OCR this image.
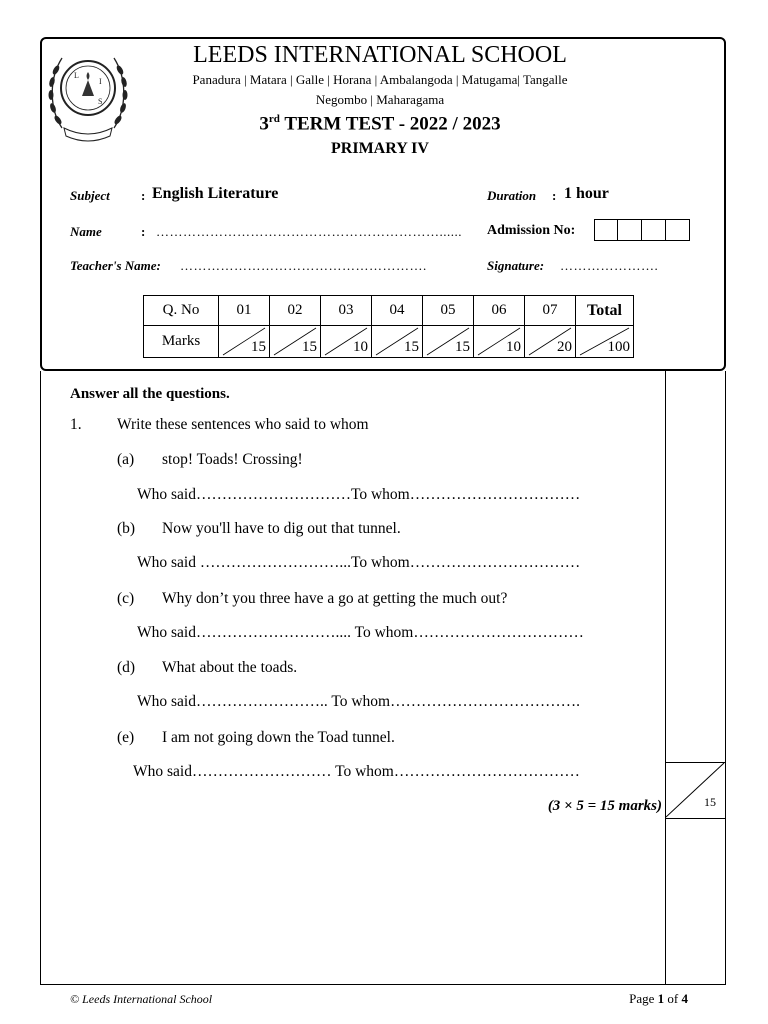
L
I
S
LEEDS INTERNATIONAL SCHOOL
Panadura | Matara | Galle | Horana | Ambalangoda | Matugama| Tangalle
Negombo | Maharagama
3rd TERM TEST - 2022 / 2023
PRIMARY IV
Subject : English Literature	Duration : 1 hour
Name	: ………………………………………………………...... Admission No:
Teacher's Name: ……………………………………………….	Signature: ………………….
Q. No	01	02	03	04	05	06	07	Total
Marks	15	15	10	15	15	10	20	100
Answer all the questions.
1. Write these sentences who said to whom
(a) stop! Toads! Crossing!
Who said…………………………To whom……………………………
(b) Now you'll have to dig out that tunnel.
Who said ………………………...To whom……………………………
(c) Why don’t you three have a go at getting the much out?
Who said……………………….... To whom……………………………
(d) What about the toads.
Who said…………………….. To whom……………………………….
(e) I am not going down the Toad tunnel.
Who said……………………… To whom………………………………
(3 × 5 = 15 marks)	15
© Leeds International School	Page 1 of 4
